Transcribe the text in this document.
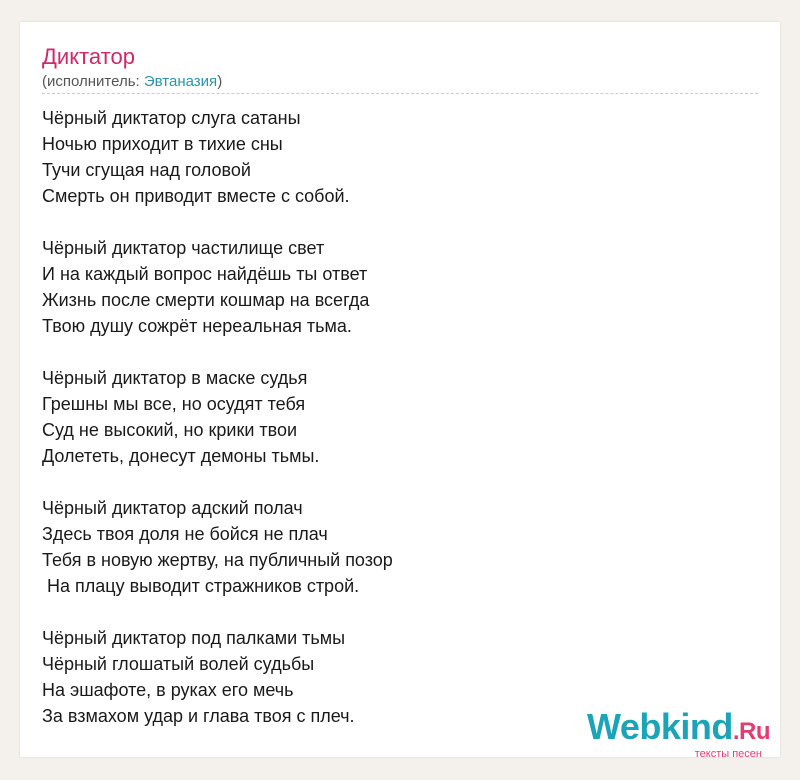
Диктатор
(исполнитель: Эвтаназия)
Чёрный диктатор слуга сатаны
Ночью приходит в тихие сны
Тучи сгущая над головой
Смерть он приводит вместе с собой.
Чёрный диктатор частилище свет
И на каждый вопрос найдёшь ты ответ
Жизнь после смерти кошмар на всегда
Твою душу сожрёт нереальная тьма.
Чёрный диктатор в маске судья
Грешны мы все, но осудят тебя
Суд не высокий, но крики твои
Долететь, донесут демоны тьмы.
Чёрный диктатор адский полач
Здесь твоя доля не бойся не плач
Тебя в новую жертву, на публичный позор
На плацу выводит стражников строй.
Чёрный диктатор под палками тьмы
Чёрный глошатый волей судьбы
На эшафоте, в руках его мечь
За взмахом удар и глава твоя с плеч.	Webkind.Ru
тексты песен
